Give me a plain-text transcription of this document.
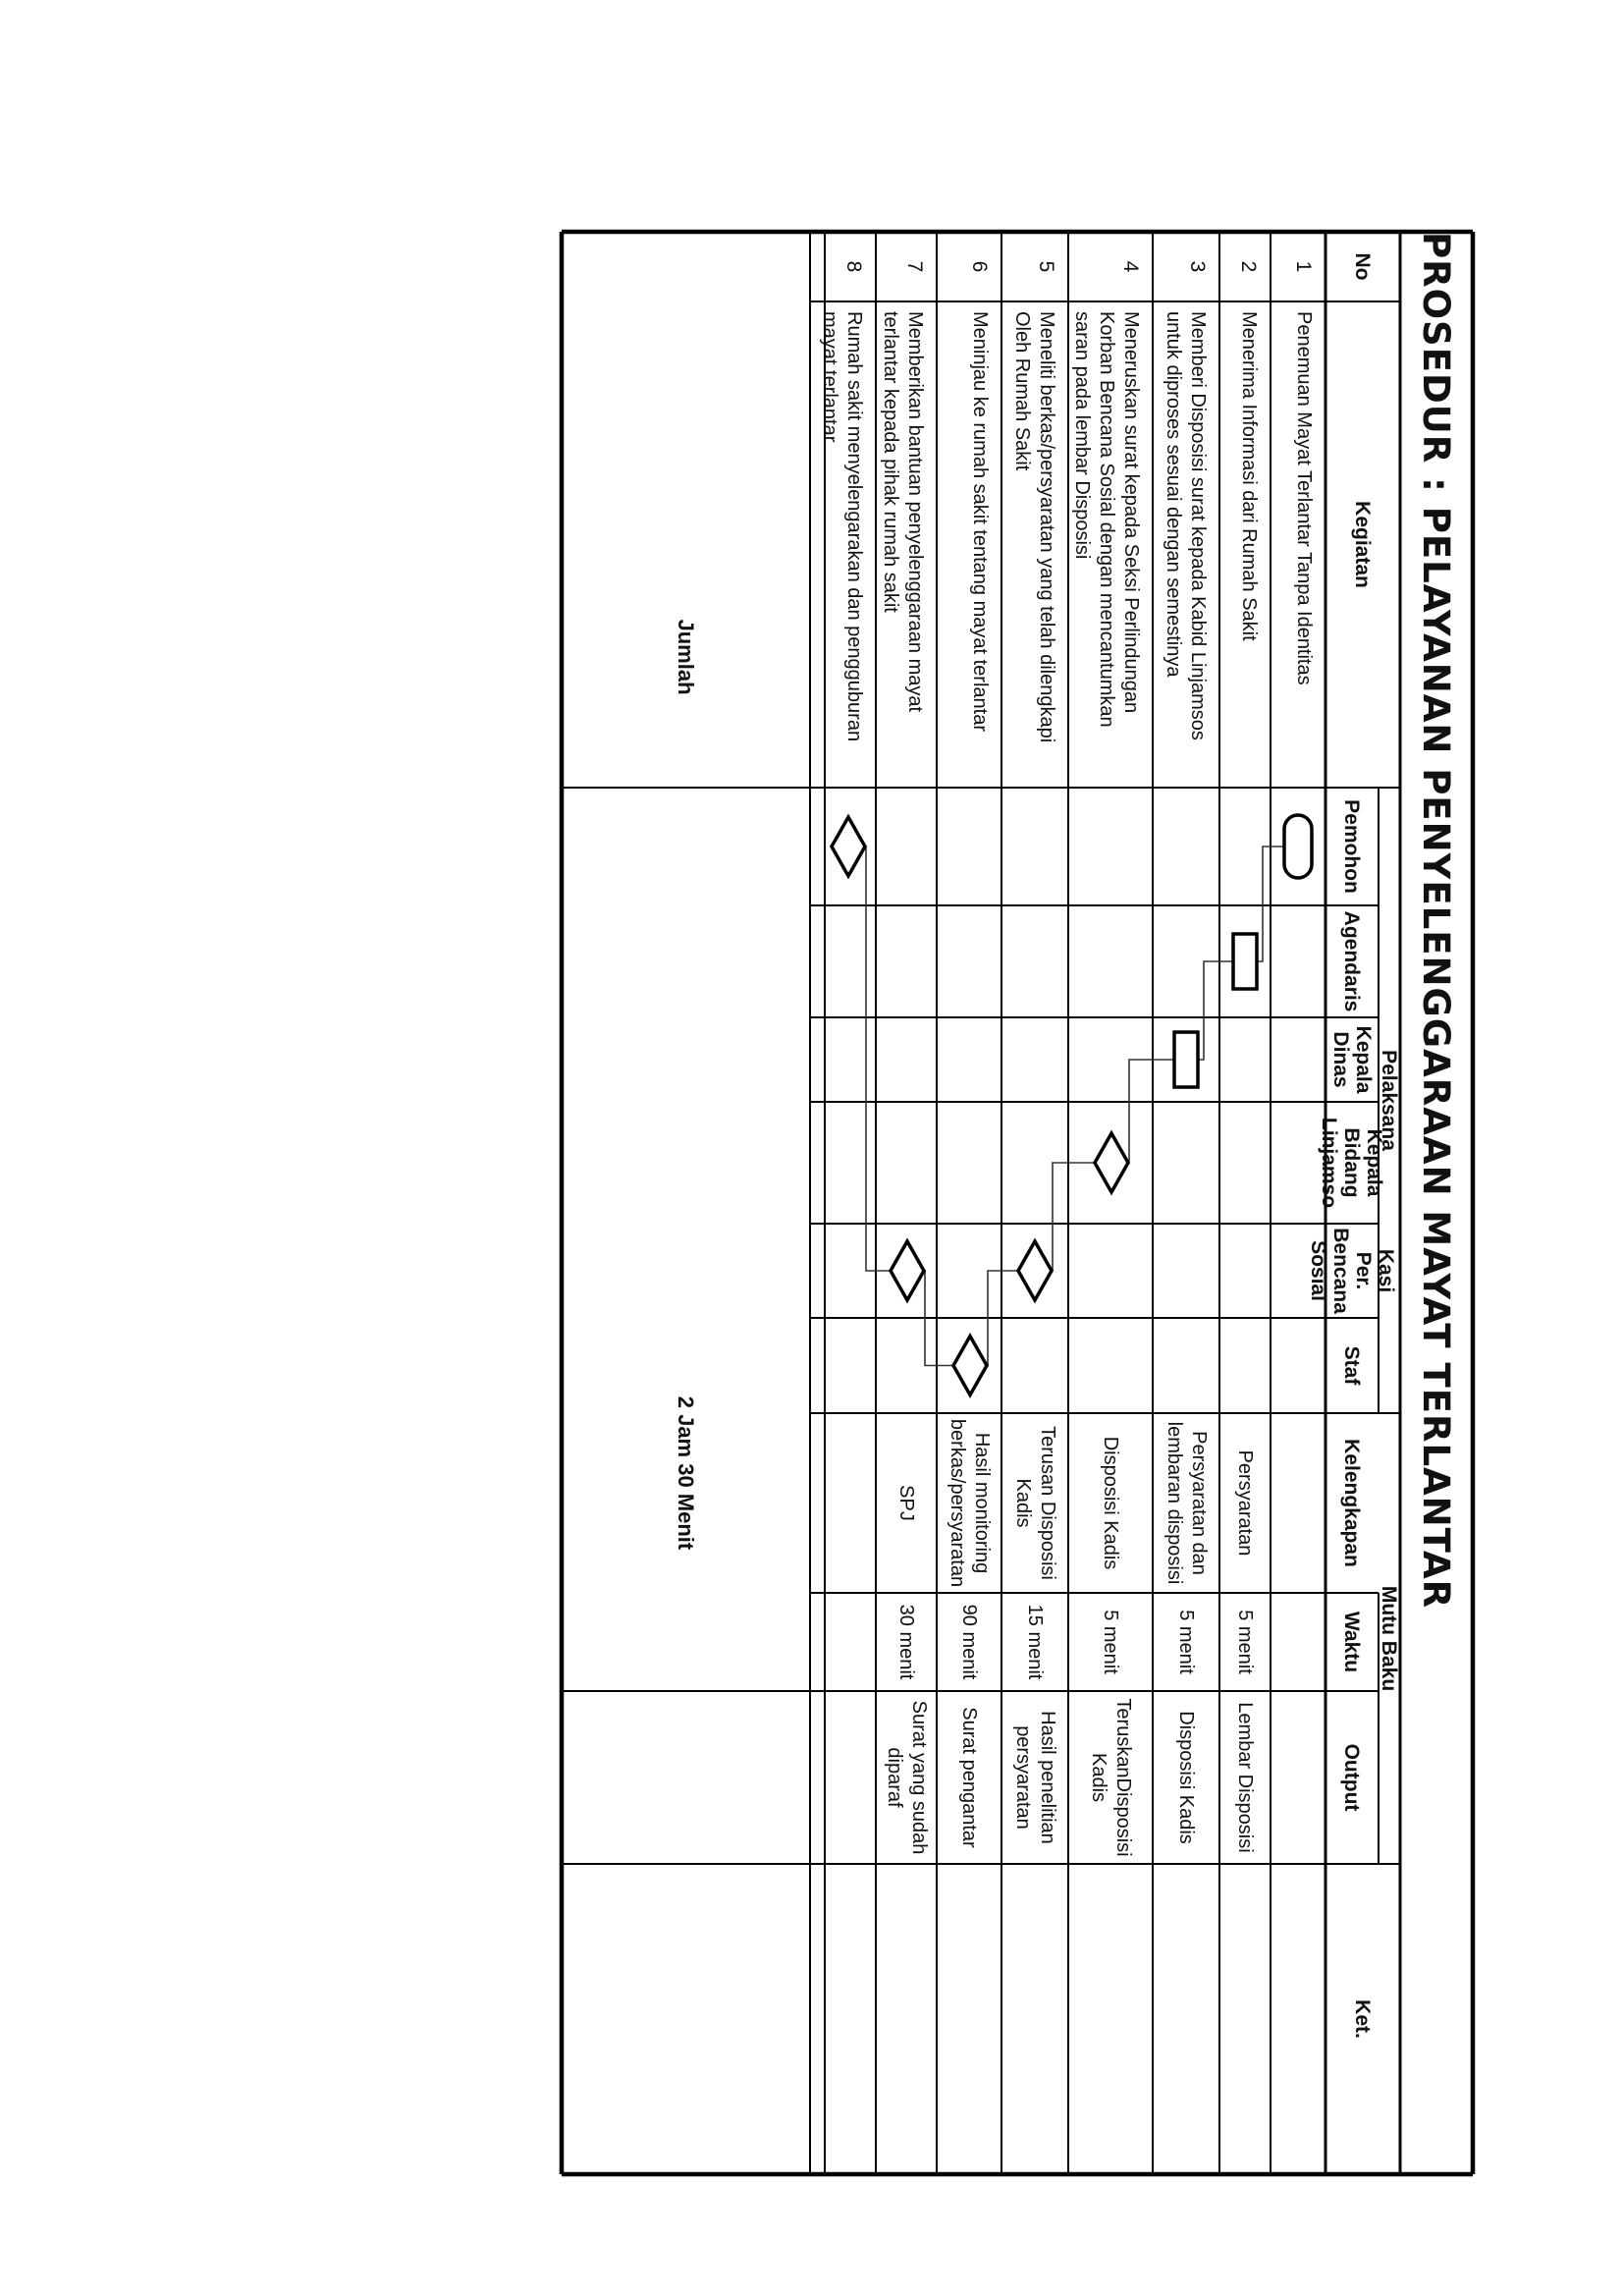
PROSEDUR : PELAYANAN PENYELENGGARAAN MAYAT TERLANTAR
No
Kegiatan
Pelaksana
Mutu Baku
Ket.
Pemohon
Agendaris
Kepala Dinas
Kepala Bidang Linjamso
Kasi Per. Bencana Sosial
Staf
Kelengkapan
Waktu
Output
1
Penemuan Mayat Terlantar Tanpa Identitas
2
Menerima Informasi dari Rumah Sakit
Persyaratan
5 menit
Lembar Disposisi
3
Memberi Disposisi surat kepada Kabid Linjamsos untuk diproses sesuai dengan semestinya
Persyaratan dan lembaran disposisi
5 menit
Disposisi Kadis
4
Meneruskan surat kepada Seksi Perlindungan Korban Bencana Sosial dengan mencantumkan saran pada lembar Disposisi
Disposisi Kadis
5 menit
TeruskanDisposisi Kadis
5
Meneliti berkas/persyaratan yang telah dilengkapi Oleh Rumah Sakit
Terusan Disposisi Kadis
15 menit
Hasil penelitian persyaratan
6
Meninjau ke rumah sakit tentang mayat terlantar
Hasil monitoring berkas/persyaratan
90 menit
Surat pengantar
7
Memberikan bantuan penyelenggaraan mayat terlantar kepada pihak rumah sakit
SPJ
30 menit
Surat yang sudah diparaf
8
Rumah sakit menyelengarakan dan pengguburan mayat terlantar
Jumlah
2 Jam 30 Menit
